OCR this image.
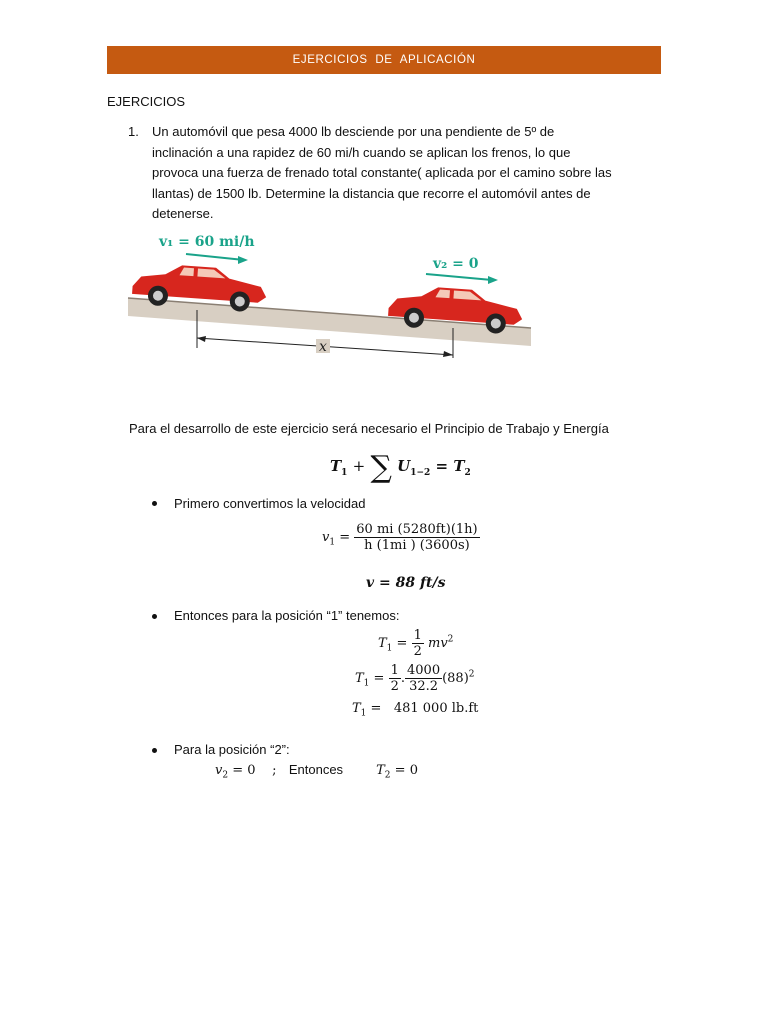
EJERCICIOS DE APLICACIÓN
EJERCICIOS
1. Un automóvil que pesa 4000 lb desciende por una pendiente de 5º de
inclinación a una rapidez de 60 mi/h cuando se aplican los frenos, lo que
provoca una fuerza de frenado total constante( aplicada por el camino sobre las
llantas) de 1500 lb. Determine la distancia que recorre el automóvil antes de
detenerse.
v₁ = 60 mi/h
v₂ = 0
x
Para el desarrollo de este ejercicio será necesario el Principio de Trabajo y Energía
$T_1$ + ∑ $U_{1-2} = T_2$
Primero convertimos la velocidad
$v_1 = \frac{60 mi (5280ft)(1h)}{h (1mi ) (3600s)}$
v = 88 ft/s
Entonces para la posición “1” tenemos:
$T_1 = \frac{1}{2} mv^2$
$T_1 = \frac{1}{2}$ . $\frac{4000}{32.2} (88)^2$
$T_1 = 481$ 000 lb.ft
Para la posición “2”:
$v_2 = 0$ ; Entonces	$T_2 = 0$
